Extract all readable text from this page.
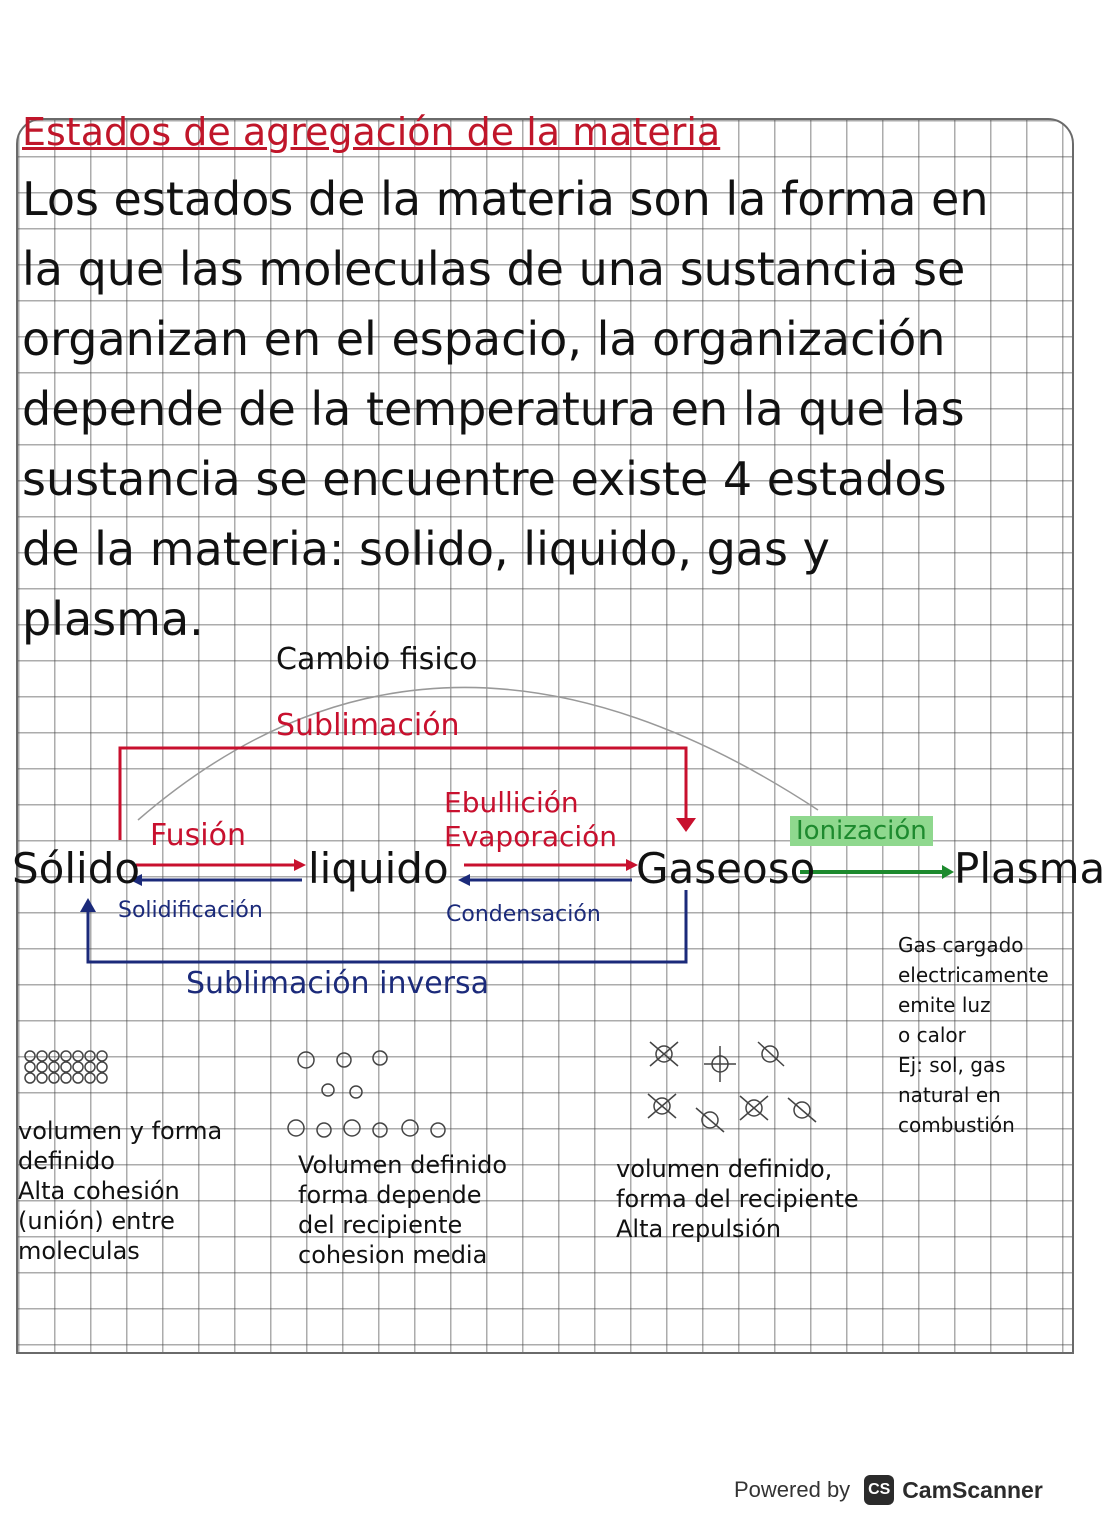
Estados de agregación de la materia
Los estados de la materia son la forma en
la que las moleculas de una sustancia se
organizan en el espacio, la organización
depende de la temperatura en la que las
sustancia se encuentre existe 4 estados
de la materia: solido, liquido, gas y
plasma.
Cambio fisico
Sublimación
Ebullición
Evaporación
Fusión	Ionización
Sólido	liquido	Gaseoso	Plasma
Solidificación	Condensación
Sublimación inversa
volumen y forma
definido
Alta cohesión
(unión) entre
moleculas
Volumen definido
forma depende
del recipiente
cohesion media
volumen definido,
forma del recipiente
Alta repulsión
Gas cargado
electricamente
emite luz
o calor
Ej: sol, gas
natural en
combustión
Powered by CS CamScanner
